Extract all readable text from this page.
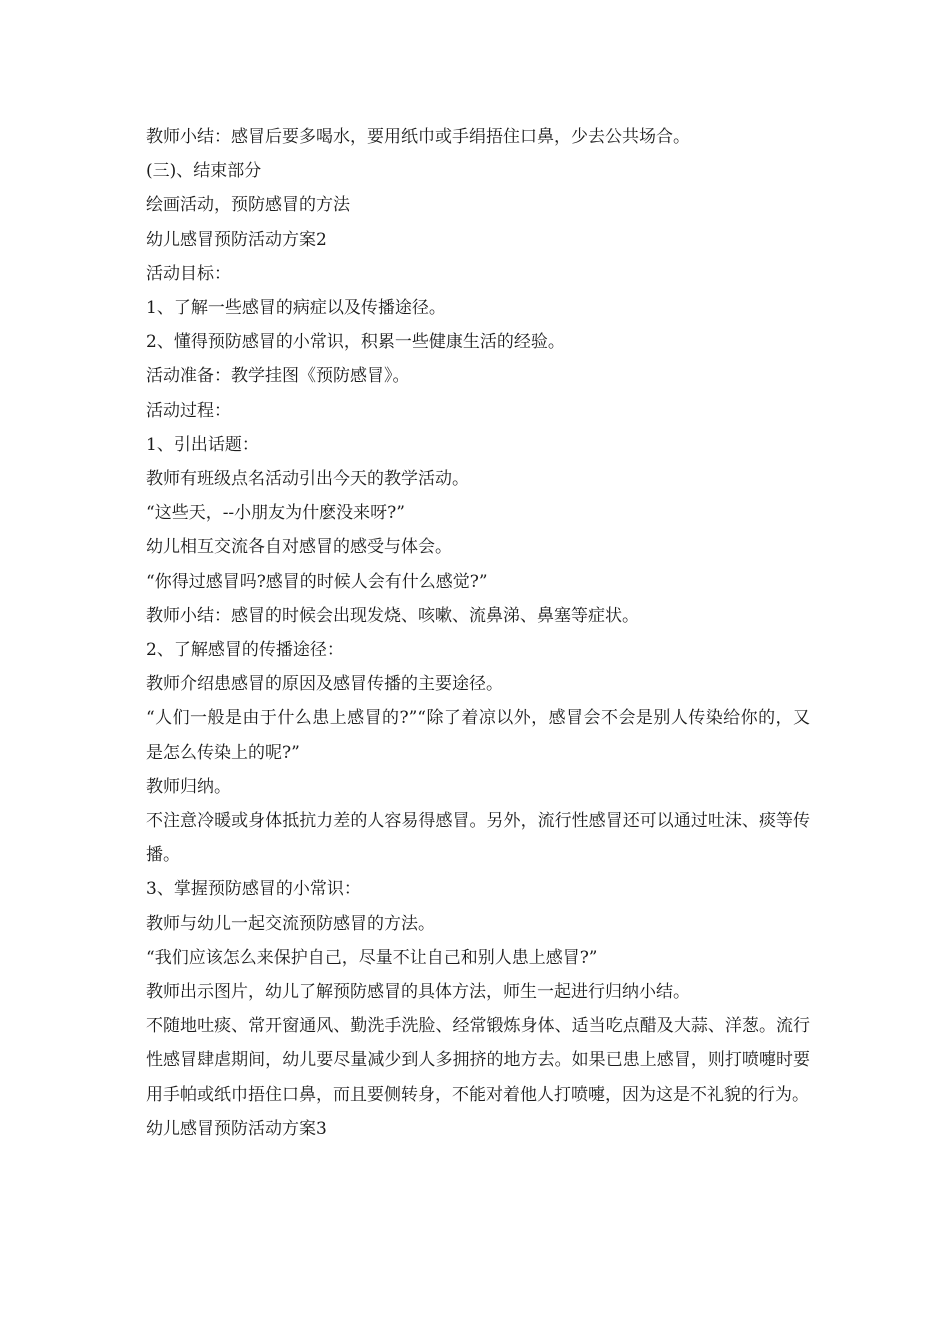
教师小结：感冒后要多喝水，要用纸巾或手绢捂住口鼻，少去公共场合。

(三)、结束部分

绘画活动，预防感冒的方法

幼儿感冒预防活动方案2

活动目标：

1、了解一些感冒的病症以及传播途径。

2、懂得预防感冒的小常识，积累一些健康生活的经验。

活动准备：教学挂图《预防感冒》。

活动过程：

1、引出话题：

教师有班级点名活动引出今天的教学活动。

“这些天，--小朋友为什麽没来呀?”

幼儿相互交流各自对感冒的感受与体会。

“你得过感冒吗?感冒的时候人会有什么感觉?”

教师小结：感冒的时候会出现发烧、咳嗽、流鼻涕、鼻塞等症状。

2、了解感冒的传播途径：

教师介绍患感冒的原因及感冒传播的主要途径。

“人们一般是由于什么患上感冒的?”“除了着凉以外，感冒会不会是别人传染给你的，又是怎么传染上的呢?”

教师归纳。

不注意冷暖或身体抵抗力差的人容易得感冒。另外，流行性感冒还可以通过吐沫、痰等传播。

3、掌握预防感冒的小常识：

教师与幼儿一起交流预防感冒的方法。

“我们应该怎么来保护自己，尽量不让自己和别人患上感冒?”

教师出示图片，幼儿了解预防感冒的具体方法，师生一起进行归纳小结。

不随地吐痰、常开窗通风、勤洗手洗脸、经常锻炼身体、适当吃点醋及大蒜、洋葱。流行性感冒肆虐期间，幼儿要尽量减少到人多拥挤的地方去。如果已患上感冒，则打喷嚏时要用手帕或纸巾捂住口鼻，而且要侧转身，不能对着他人打喷嚏，因为这是不礼貌的行为。

幼儿感冒预防活动方案3
